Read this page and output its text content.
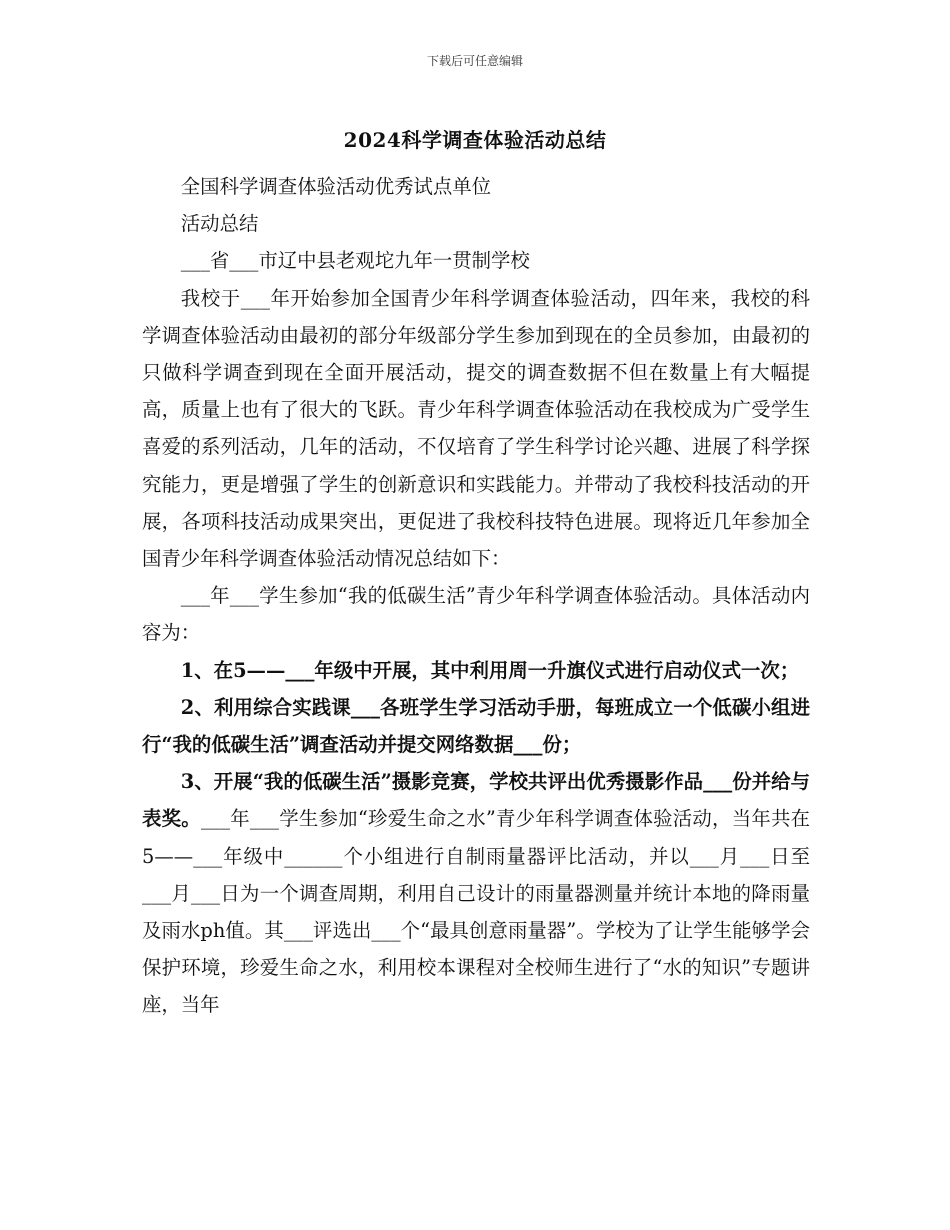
下载后可任意编辑
2024科学调查体验活动总结

全国科学调查体验活动优秀试点单位

活动总结

___省___市辽中县老观坨九年一贯制学校

我校于___年开始参加全国青少年科学调查体验活动，四年来，我校的科学调查体验活动由最初的部分年级部分学生参加到现在的全员参加，由最初的只做科学调查到现在全面开展活动，提交的调查数据不但在数量上有大幅提高，质量上也有了很大的飞跃。青少年科学调查体验活动在我校成为广受学生喜爱的系列活动，几年的活动，不仅培育了学生科学讨论兴趣、进展了科学探究能力，更是增强了学生的创新意识和实践能力。并带动了我校科技活动的开展，各项科技活动成果突出，更促进了我校科技特色进展。现将近几年参加全国青少年科学调查体验活动情况总结如下：

___年___学生参加“我的低碳生活”青少年科学调查体验活动。具体活动内容为：

1、在5——___年级中开展，其中利用周一升旗仪式进行启动仪式一次；

2、利用综合实践课___各班学生学习活动手册，每班成立一个低碳小组进行“我的低碳生活”调查活动并提交网络数据___份；

3、开展“我的低碳生活”摄影竞赛，学校共评出优秀摄影作品___份并给与表奖。___年___学生参加“珍爱生命之水”青少年科学调查体验活动，当年共在5——___年级中______个小组进行自制雨量器评比活动，并以___月___日至___月___日为一个调查周期，利用自己设计的雨量器测量并统计本地的降雨量及雨水ph值。其___评选出___个“最具创意雨量器”。学校为了让学生能够学会保护环境，珍爱生命之水，利用校本课程对全校师生进行了“水的知识”专题讲座，当年
